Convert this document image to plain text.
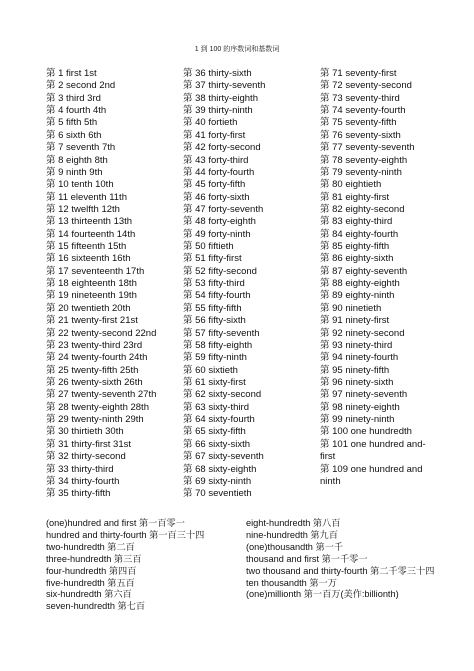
1 到 100 的序数词和基数词
第 1 first 1st
第 2 second 2nd
第 3 third 3rd
第 4 fourth 4th
第 5 fifth 5th
第 6 sixth 6th
第 7 seventh 7th
第 8 eighth 8th
第 9 ninth 9th
第 10 tenth 10th
第 11 eleventh 11th
第 12 twelfth 12th
第 13 thirteenth 13th
第 14 fourteenth 14th
第 15 fifteenth 15th
第 16 sixteenth 16th
第 17 seventeenth 17th
第 18 eighteenth 18th
第 19 nineteenth 19th
第 20 twentieth 20th
第 21 twenty-first 21st
第 22 twenty-second 22nd
第 23 twenty-third 23rd
第 24 twenty-fourth 24th
第 25 twenty-fifth 25th
第 26 twenty-sixth 26th
第 27 twenty-seventh 27th
第 28 twenty-eighth 28th
第 29 twenty-ninth 29th
第 30 thirtieth 30th
第 31 thirty-first 31st
第 32 thirty-second
第 33 thirty-third
第 34 thirty-fourth
第 35 thirty-fifth
第 36 thirty-sixth
第 37 thirty-seventh
第 38 thirty-eighth
第 39 thirty-ninth
第 40 fortieth
第 41 forty-first
第 42 forty-second
第 43 forty-third
第 44 forty-fourth
第 45 forty-fifth
第 46 forty-sixth
第 47 forty-seventh
第 48 forty-eighth
第 49 forty-ninth
第 50 fiftieth
第 51 fifty-first
第 52 fifty-second
第 53 fifty-third
第 54 fifty-fourth
第 55 fifty-fifth
第 56 fifty-sixth
第 57 fifty-seventh
第 58 fifty-eighth
第 59 fifty-ninth
第 60 sixtieth
第 61 sixty-first
第 62 sixty-second
第 63 sixty-third
第 64 sixty-fourth
第 65 sixty-fifth
第 66 sixty-sixth
第 67 sixty-seventh
第 68 sixty-eighth
第 69 sixty-ninth
第 70 seventieth
第 71 seventy-first
第 72 seventy-second
第 73 seventy-third
第 74 seventy-fourth
第 75 seventy-fifth
第 76 seventy-sixth
第 77 seventy-seventh
第 78 seventy-eighth
第 79 seventy-ninth
第 80 eightieth
第 81 eighty-first
第 82 eighty-second
第 83 eighty-third
第 84 eighty-fourth
第 85 eighty-fifth
第 86 eighty-sixth
第 87 eighty-seventh
第 88 eighty-eighth
第 89 eighty-ninth
第 90 ninetieth
第 91 ninety-first
第 92 ninety-second
第 93 ninety-third
第 94 ninety-fourth
第 95 ninety-fifth
第 96 ninety-sixth
第 97 ninety-seventh
第 98 ninety-eighth
第 99 ninety-ninth
第 100 one hundredth
第 101 one hundred and-first
第 109 one hundred and ninth
(one)hundred and first 第一百零一
hundred and thirty-fourth 第一百三十四
two-hundredth 第二百
three-hundredth 第三百
four-hundredth 第四百
five-hundredth 第五百
six-hundredth 第六百
seven-hundredth 第七百
eight-hundredth 第八百
nine-hundredth 第九百
(one)thousandth 第一千
thousand and first 第一千零一
two thousand and thirty-fourth 第二千零三十四
ten thousandth 第一万
(one)millionth 第一百万(美作:billionth)
